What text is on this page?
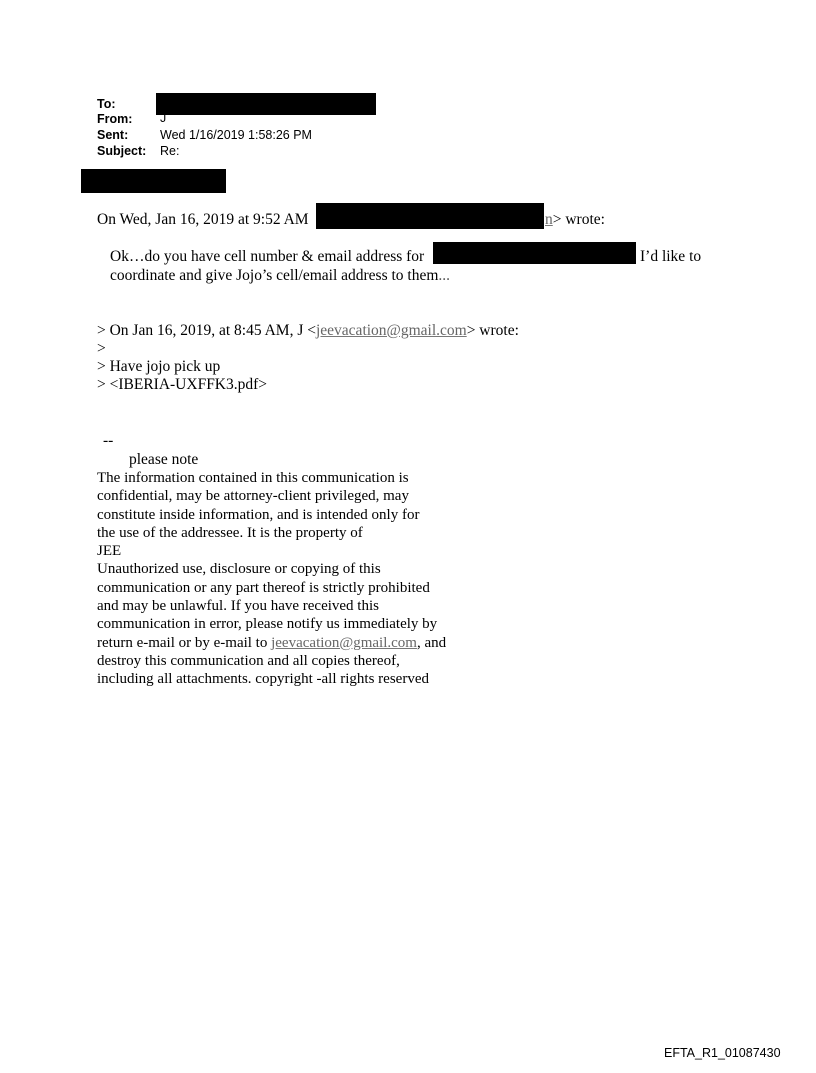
To:
From: J
Sent:	Wed 1/16/2019 1:58:26 PM
Subject: Re:
On Wed, Jan 16, 2019 at 9:52 AM	n> wrote:
Ok…do you have cell number & email address for	I’d like to
coordinate and give Jojo’s cell/email address to them...
> On Jan 16, 2019, at 8:45 AM, J <jeevacation@gmail.com> wrote:
>
> Have jojo pick up
> <IBERIA-UXFFK3.pdf>
--
please note
The information contained in this communication is
confidential, may be attorney-client privileged, may
constitute inside information, and is intended only for
the use of the addressee. It is the property of
JEE
Unauthorized use, disclosure or copying of this
communication or any part thereof is strictly prohibited
and may be unlawful. If you have received this
communication in error, please notify us immediately by
return e-mail or by e-mail to jeevacation@gmail.com, and
destroy this communication and all copies thereof,
including all attachments. copyright -all rights reserved
EFTA_R1_01087430
